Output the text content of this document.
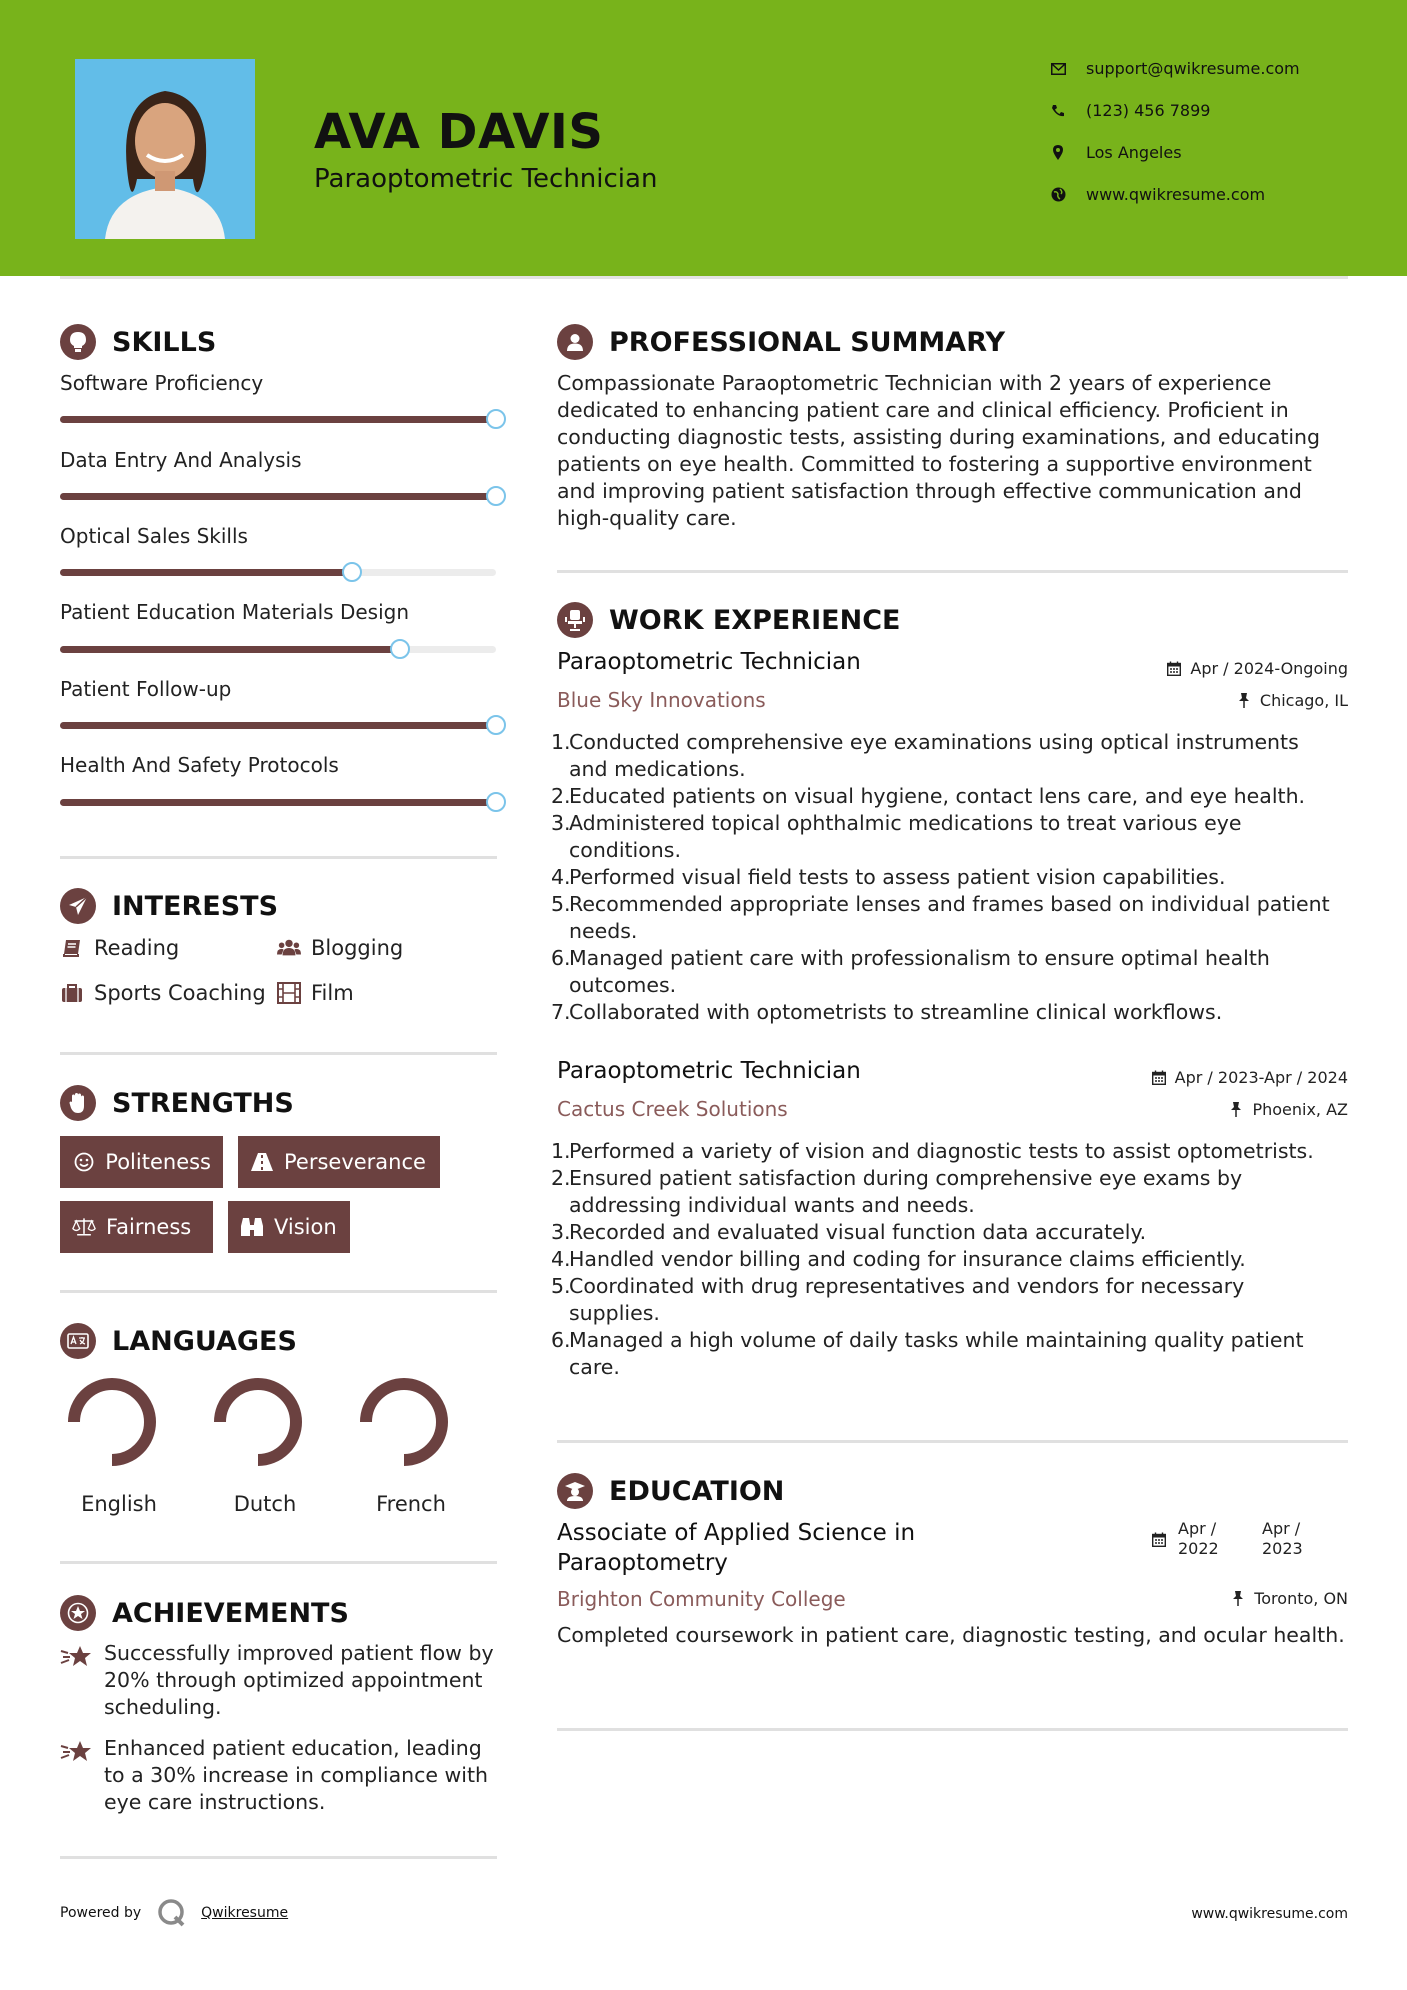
AVA DAVIS
Paraoptometric Technician
support@qwikresume.com
(123) 456 7899
Los Angeles
www.qwikresume.com
SKILLS
Software Proficiency
Data Entry And Analysis
Optical Sales Skills
Patient Education Materials Design
Patient Follow-up
Health And Safety Protocols
INTERESTS
Reading	Blogging
Sports Coaching Film
STRENGTHS
Politeness	Perseverance
Fairness	Vision
LANGUAGES
English	Dutch	French
ACHIEVEMENTS
Successfully improved patient flow by 20% through optimized appointment scheduling.
Enhanced patient education, leading to a 30% increase in compliance with eye care instructions.
PROFESSIONAL SUMMARY
Compassionate Paraoptometric Technician with 2 years of experience dedicated to enhancing patient care and clinical efficiency. Proficient in conducting diagnostic tests, assisting during examinations, and educating patients on eye health. Committed to fostering a supportive environment and improving patient satisfaction through effective communication and high-quality care.
WORK EXPERIENCE
Paraoptometric Technician	Apr / 2024-Ongoing
Blue Sky Innovations	Chicago, IL
1.
Conducted comprehensive eye examinations using optical instruments and medications.
2.
Educated patients on visual hygiene, contact lens care, and eye health.
3.
Administered topical ophthalmic medications to treat various eye conditions.
4.
Performed visual field tests to assess patient vision capabilities.
5.
Recommended appropriate lenses and frames based on individual patient needs.
6.
Managed patient care with professionalism to ensure optimal health outcomes.
7.
Collaborated with optometrists to streamline clinical workflows.
Paraoptometric Technician	Apr / 2023-Apr / 2024
Cactus Creek Solutions	Phoenix, AZ
1.
Performed a variety of vision and diagnostic tests to assist optometrists.
2.
Ensured patient satisfaction during comprehensive eye exams by addressing individual wants and needs.
3.
Recorded and evaluated visual function data accurately.
4.
Handled vendor billing and coding for insurance claims efficiently.
5.
Coordinated with drug representatives and vendors for necessary supplies.
6.
Managed a high volume of daily tasks while maintaining quality patient care.
EDUCATION
Associate of Applied Science in Paraoptometry
Apr / 2022
Apr / 2023
Brighton Community College	Toronto, ON
Completed coursework in patient care, diagnostic testing, and ocular health.
Powered by	Qwikresume	www.qwikresume.com
